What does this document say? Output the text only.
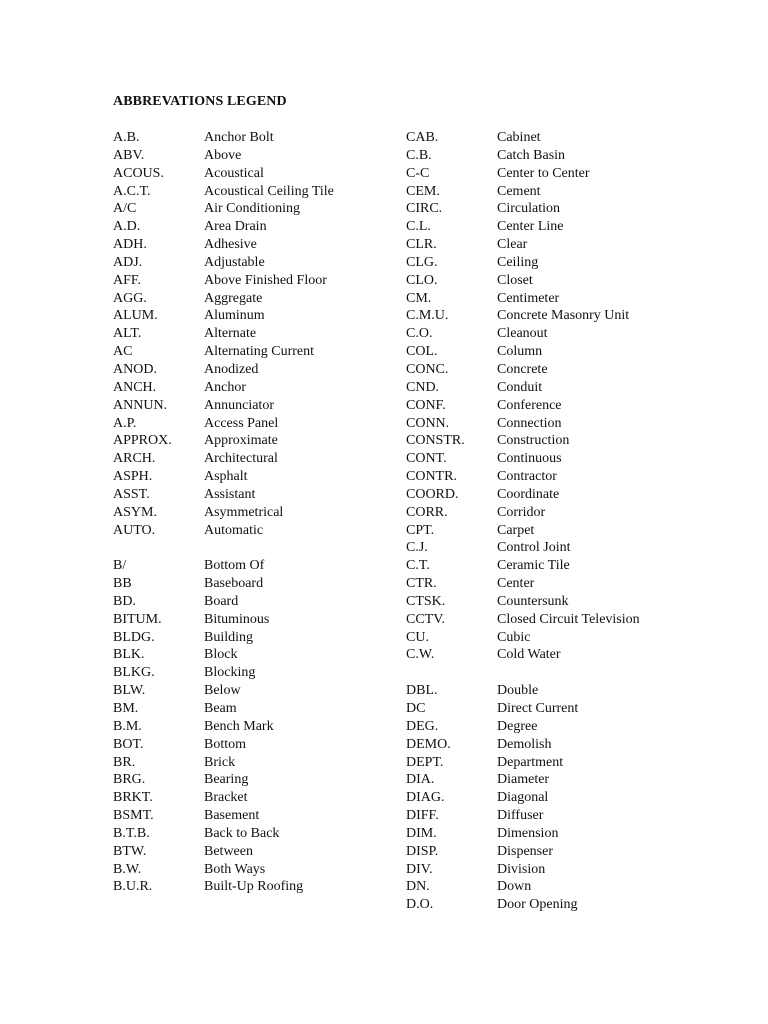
ABBREVATIONS LEGEND
A.B.	Anchor Bolt
ABV.	Above
ACOUS.	Acoustical
A.C.T.	Acoustical Ceiling Tile
A/C	Air Conditioning
A.D.	Area Drain
ADH.	Adhesive
ADJ.	Adjustable
AFF.	Above Finished Floor
AGG.	Aggregate
ALUM.	Aluminum
ALT.	Alternate
AC	Alternating Current
ANOD.	Anodized
ANCH.	Anchor
ANNUN.	Annunciator
A.P.	Access Panel
APPROX. Approximate
ARCH.	Architectural
ASPH.	Asphalt
ASST.	Assistant
ASYM.	Asymmetrical
AUTO.	Automatic
B/	Bottom Of
BB	Baseboard
BD.	Board
BITUM.	Bituminous
BLDG.	Building
BLK.	Block
BLKG.	Blocking
BLW.	Below
BM.	Beam
B.M.	Bench Mark
BOT.	Bottom
BR.	Brick
BRG.	Bearing
BRKT.	Bracket
BSMT.	Basement
B.T.B.	Back to Back
BTW.	Between
B.W.	Both Ways
B.U.R.	Built-Up Roofing
CAB.	Cabinet
C.B.	Catch Basin
C-C	Center to Center
CEM.	Cement
CIRC.	Circulation
C.L.	Center Line
CLR.	Clear
CLG.	Ceiling
CLO.	Closet
CM.	Centimeter
C.M.U.	Concrete Masonry Unit
C.O.	Cleanout
COL.	Column
CONC.	Concrete
CND.	Conduit
CONF.	Conference
CONN.	Connection
CONSTR. Construction
CONT.	Continuous
CONTR.	Contractor
COORD.	Coordinate
CORR.	Corridor
CPT.	Carpet
C.J.	Control Joint
C.T.	Ceramic Tile
CTR.	Center
CTSK.	Countersunk
CCTV.	Closed Circuit Television
CU.	Cubic
C.W.	Cold Water
DBL.	Double
DC	Direct Current
DEG.	Degree
DEMO.	Demolish
DEPT.	Department
DIA.	Diameter
DIAG.	Diagonal
DIFF.	Diffuser
DIM.	Dimension
DISP.	Dispenser
DIV.	Division
DN.	Down
D.O.	Door Opening
